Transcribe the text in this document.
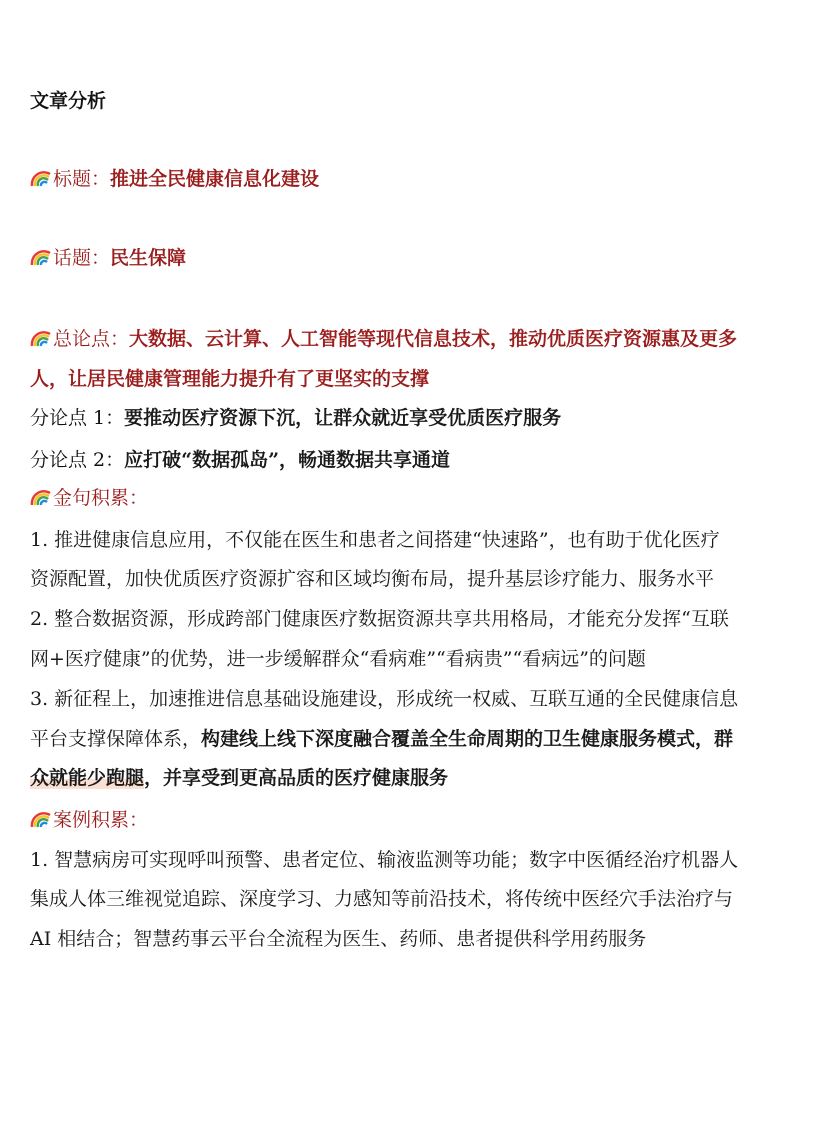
文章分析
标题：推进全民健康信息化建设
话题：民生保障
总论点：大数据、云计算、人工智能等现代信息技术，推动优质医疗资源惠及更多
人，让居民健康管理能力提升有了更坚实的支撑
分论点 1：要推动医疗资源下沉，让群众就近享受优质医疗服务
分论点 2：应打破“数据孤岛”，畅通数据共享通道
金句积累：
1. 推进健康信息应用，不仅能在医生和患者之间搭建“快速路”，也有助于优化医疗
资源配置，加快优质医疗资源扩容和区域均衡布局，提升基层诊疗能力、服务水平
2. 整合数据资源，形成跨部门健康医疗数据资源共享共用格局，才能充分发挥“互联
网+医疗健康”的优势，进一步缓解群众“看病难”“看病贵”“看病远”的问题
3. 新征程上，加速推进信息基础设施建设，形成统一权威、互联互通的全民健康信息
平台支撑保障体系，构建线上线下深度融合覆盖全生命周期的卫生健康服务模式，群
众就能少跑腿，并享受到更高品质的医疗健康服务
案例积累：
1. 智慧病房可实现呼叫预警、患者定位、输液监测等功能；数字中医循经治疗机器人
集成人体三维视觉追踪、深度学习、力感知等前沿技术，将传统中医经穴手法治疗与
AI 相结合；智慧药事云平台全流程为医生、药师、患者提供科学用药服务
